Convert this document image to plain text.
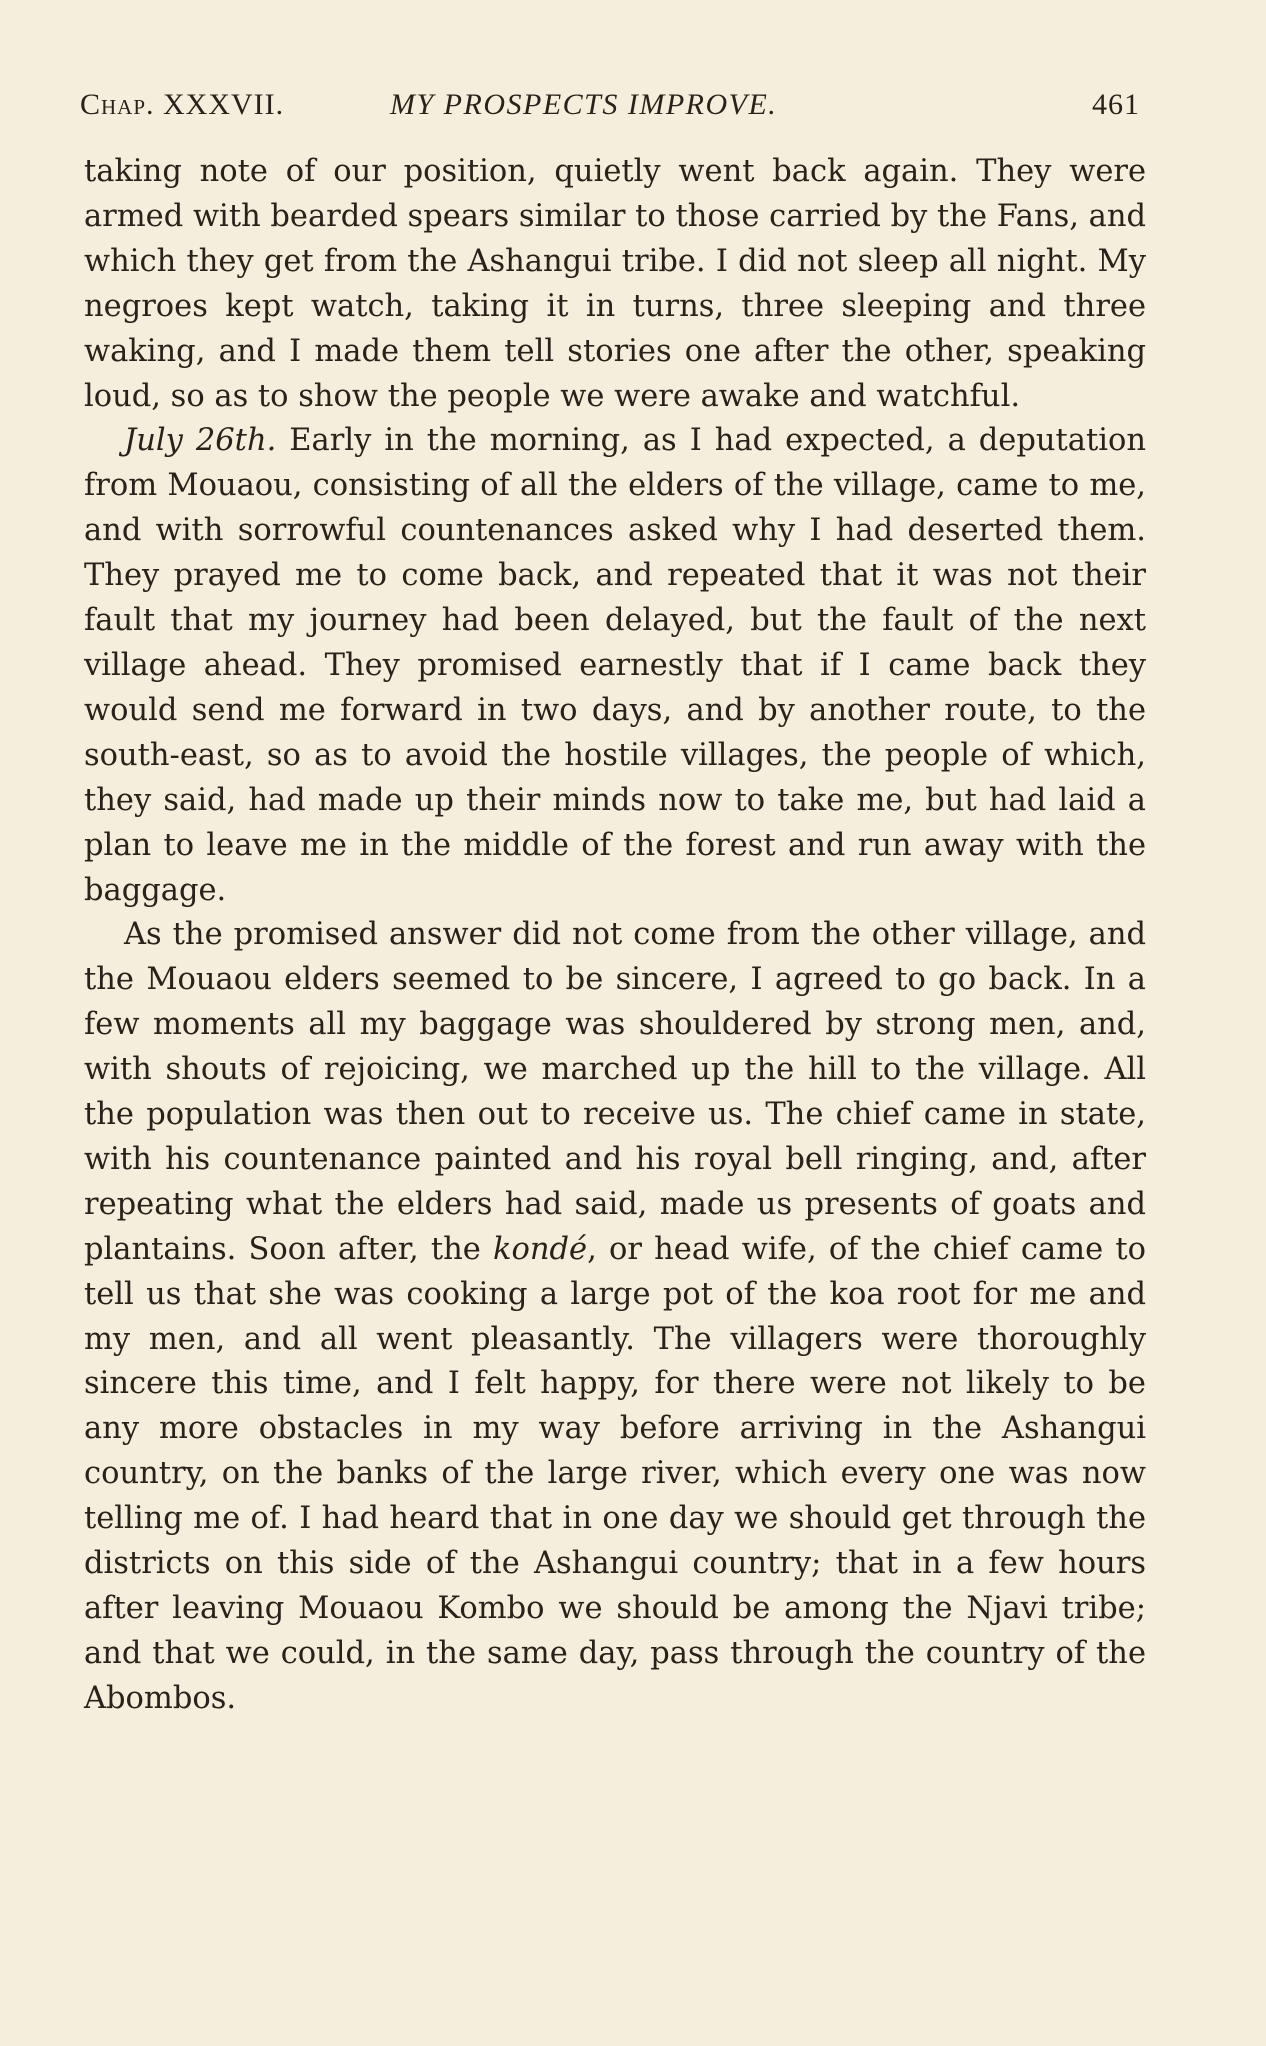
Chap. XXXVII.	MY PROSPECTS IMPROVE.	461

taking note of our position, quietly went back again. They were armed with bearded spears similar to those carried by the Fans, and which they get from the Ashangui tribe. I did not sleep all night. My negroes kept watch, taking it in turns, three sleeping and three waking, and I made them tell stories one after the other, speaking loud, so as to show the people we were awake and watchful.

July 26th. Early in the morning, as I had expected, a deputation from Mouaou, consisting of all the elders of the village, came to me, and with sorrowful countenances asked why I had deserted them. They prayed me to come back, and repeated that it was not their fault that my journey had been delayed, but the fault of the next village ahead. They promised earnestly that if I came back they would send me forward in two days, and by another route, to the south-east, so as to avoid the hostile villages, the people of which, they said, had made up their minds now to take me, but had laid a plan to leave me in the middle of the forest and run away with the baggage.

As the promised answer did not come from the other village, and the Mouaou elders seemed to be sincere, I agreed to go back. In a few moments all my baggage was shouldered by strong men, and, with shouts of rejoicing, we marched up the hill to the village. All the population was then out to receive us. The chief came in state, with his countenance painted and his royal bell ringing, and, after repeating what the elders had said, made us presents of goats and plantains. Soon after, the kondé, or head wife, of the chief came to tell us that she was cooking a large pot of the koa root for me and my men, and all went pleasantly. The villagers were thoroughly sincere this time, and I felt happy, for there were not likely to be any more obstacles in my way before arriving in the Ashangui country, on the banks of the large river, which every one was now telling me of. I had heard that in one day we should get through the districts on this side of the Ashangui country; that in a few hours after leaving Mouaou Kombo we should be among the Njavi tribe; and that we could, in the same day, pass through the country of the Abombos.
